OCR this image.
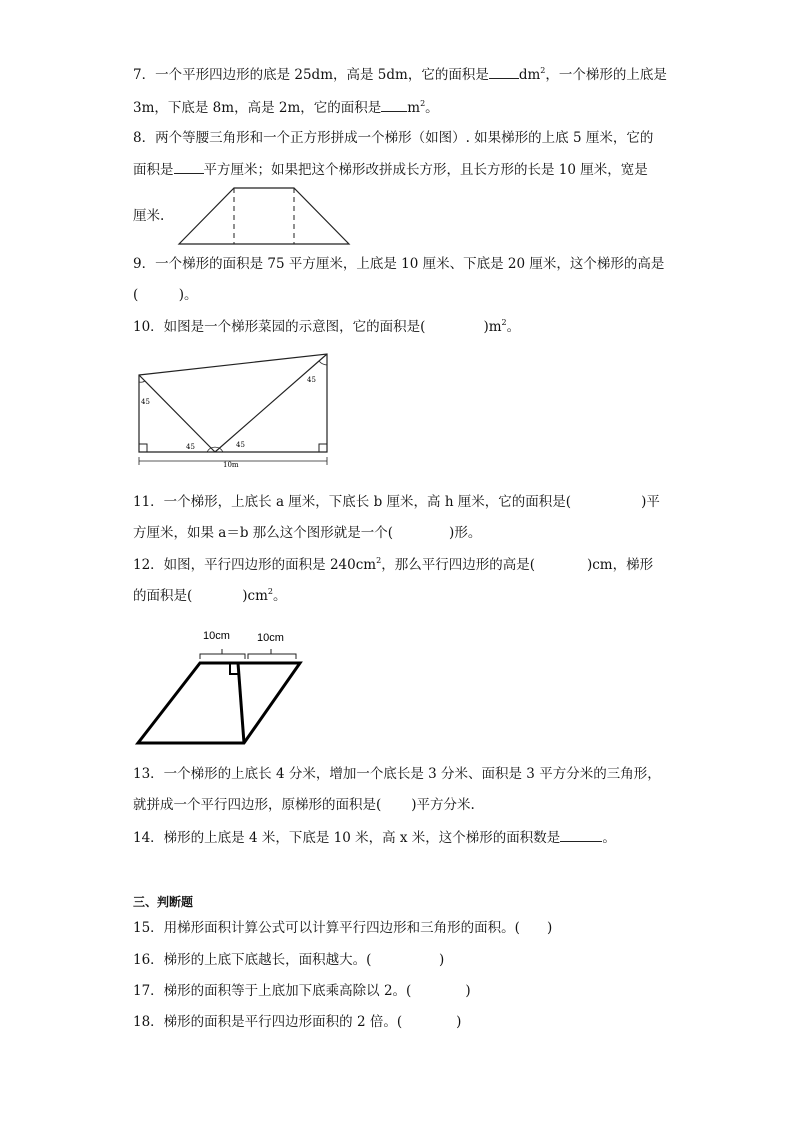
7．一个平形四边形的底是 25dm，高是 5dm，它的面积是 $dm^2$，一个梯形的上底是
3m，下底是 8m，高是 2m，它的面积是 $m^2$。
8．两个等腰三角形和一个正方形拼成一个梯形（如图）. 如果梯形的上底 5 厘米，它的
面积是 平方厘米；如果把这个梯形改拼成长方形，且长方形的长是 10 厘米，宽是
厘米.
9．一个梯形的面积是 75 平方厘米，上底是 10 厘米、下底是 20 厘米，这个梯形的高是
(　　　)。
10．如图是一个梯形菜园的示意图，它的面积是(	)$m^2$。
45
45	45
45
10m
11．一个梯形，上底长 a 厘米，下底长 b 厘米，高 h 厘米，它的面积是(	)平
方厘米，如果 a＝b 那么这个图形就是一个(	)形。
12．如图，平行四边形的面积是 $240cm^2$，那么平行四边形的高是(	)cm，梯形
的面积是(	)$cm^2$。
10cm 10cm
13．一个梯形的上底长 4 分米，增加一个底长是 3 分米、面积是 3 平方分米的三角形，
就拼成一个平行四边形，原梯形的面积是( )平方分米.
14．梯形的上底是 4 米，下底是 10 米，高 x 米，这个梯形的面积数是	。
三、判断题
15．用梯形面积计算公式可以计算平行四边形和三角形的面积。(　　)
16．梯形的上底下底越长，面积越大。(　　　　　)
17．梯形的面积等于上底加下底乘高除以 2。(　　　　)
18．梯形的面积是平行四边形面积的 2 倍。(　　　　)
